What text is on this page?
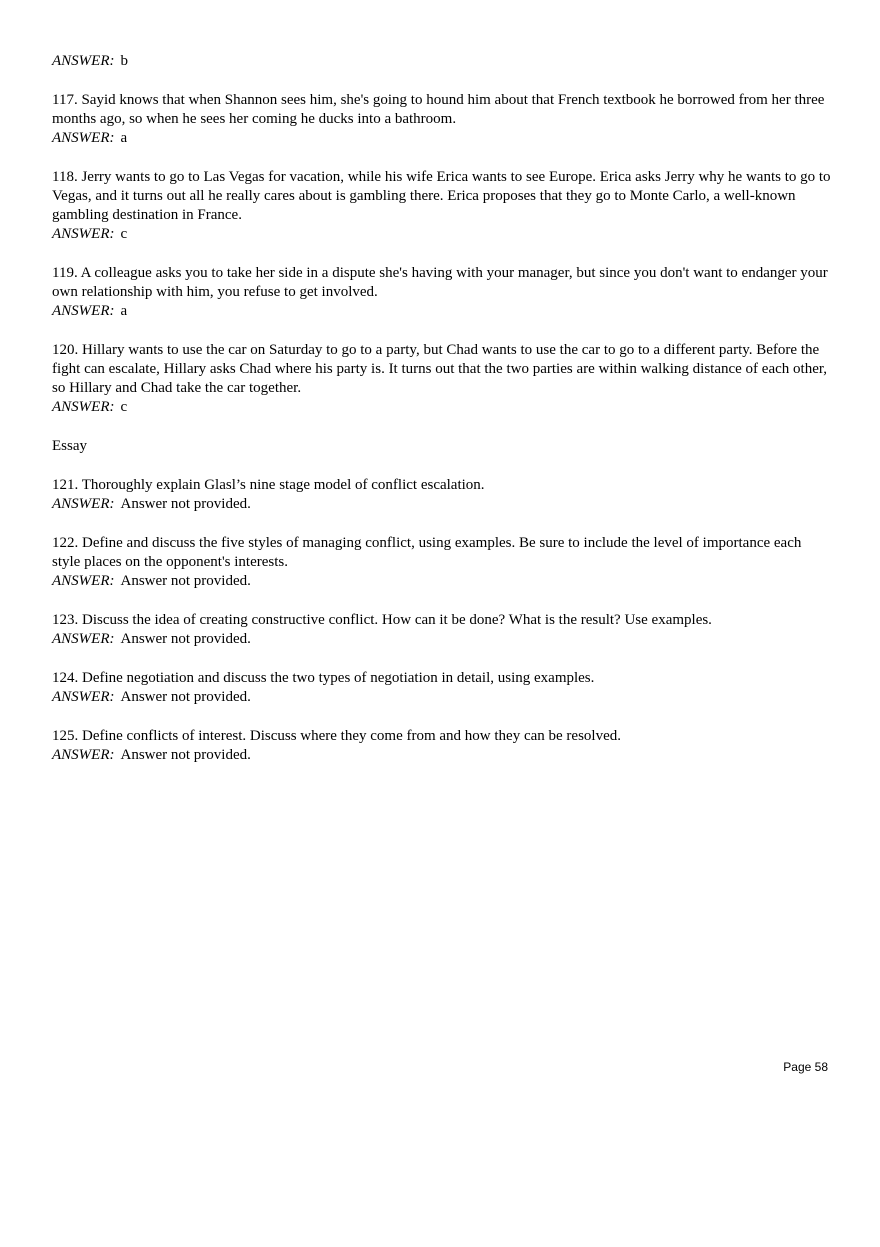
ANSWER: b

117. Sayid knows that when Shannon sees him, she's going to hound him about that French textbook he borrowed from her three months ago, so when he sees her coming he ducks into a bathroom.

ANSWER: a

118. Jerry wants to go to Las Vegas for vacation, while his wife Erica wants to see Europe. Erica asks Jerry why he wants to go to Vegas, and it turns out all he really cares about is gambling there. Erica proposes that they go to Monte Carlo, a well-known gambling destination in France.

ANSWER: c

119. A colleague asks you to take her side in a dispute she's having with your manager, but since you don't want to endanger your own relationship with him, you refuse to get involved.

ANSWER: a

120. Hillary wants to use the car on Saturday to go to a party, but Chad wants to use the car to go to a different party. Before the fight can escalate, Hillary asks Chad where his party is. It turns out that the two parties are within walking distance of each other, so Hillary and Chad take the car together.

ANSWER: c

Essay

121. Thoroughly explain Glasl’s nine stage model of conflict escalation.

ANSWER: Answer not provided.

122. Define and discuss the five styles of managing conflict, using examples. Be sure to include the level of importance each style places on the opponent's interests.

ANSWER: Answer not provided.

123. Discuss the idea of creating constructive conflict. How can it be done? What is the result? Use examples.

ANSWER: Answer not provided.

124. Define negotiation and discuss the two types of negotiation in detail, using examples.

ANSWER: Answer not provided.

125. Define conflicts of interest. Discuss where they come from and how they can be resolved.

ANSWER: Answer not provided.

Page 58
